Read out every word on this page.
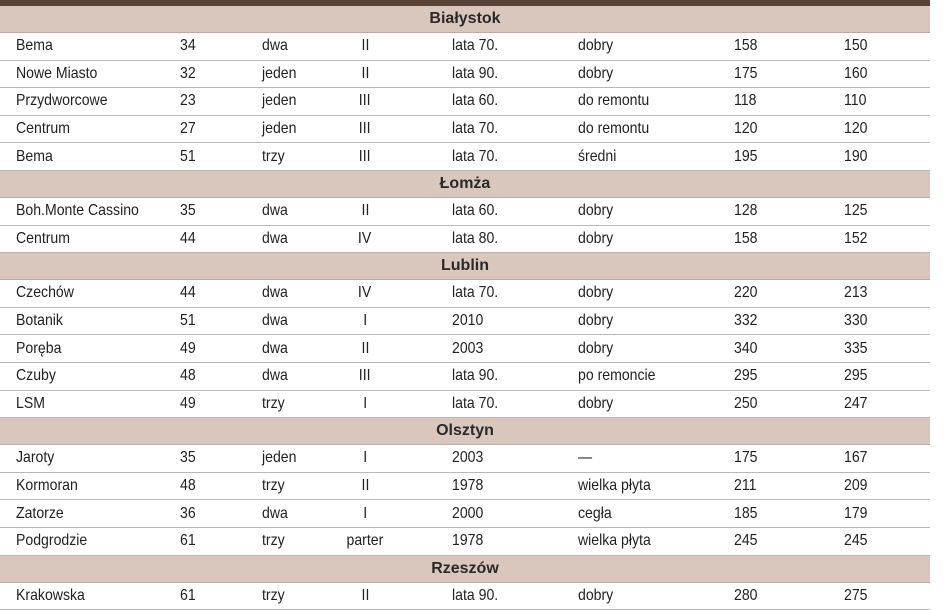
Białystok
Bema	34	dwa	II	lata 70.	dobry	158	150
Nowe Miasto	32	jeden	II	lata 90.	dobry	175	160
Przydworcowe	23	jeden	III	lata 60.	do remontu	118	110
Centrum	27	jeden	III	lata 70.	do remontu	120	120
Bema	51	trzy	III	lata 70.	średni	195	190
Łomża
Boh.Monte Cassino	35	dwa	II	lata 60.	dobry	128	125
Centrum	44	dwa	IV	lata 80.	dobry	158	152
Lublin
Czechów	44	dwa	IV	lata 70.	dobry	220	213
Botanik	51	dwa	I	2010	dobry	332	330
Poręba	49	dwa	II	2003	dobry	340	335
Czuby	48	dwa	III	lata 90.	po remoncie	295	295
LSM	49	trzy	I	lata 70.	dobry	250	247
Olsztyn
Jaroty	35	jeden	I	2003	—	175	167
Kormoran	48	trzy	II	1978	wielka płyta	211	209
Zatorze	36	dwa	I	2000	cegła	185	179
Podgrodzie	61	trzy	parter	1978	wielka płyta	245	245
Rzeszów
Krakowska	61	trzy	II	lata 90.	dobry	280	275
